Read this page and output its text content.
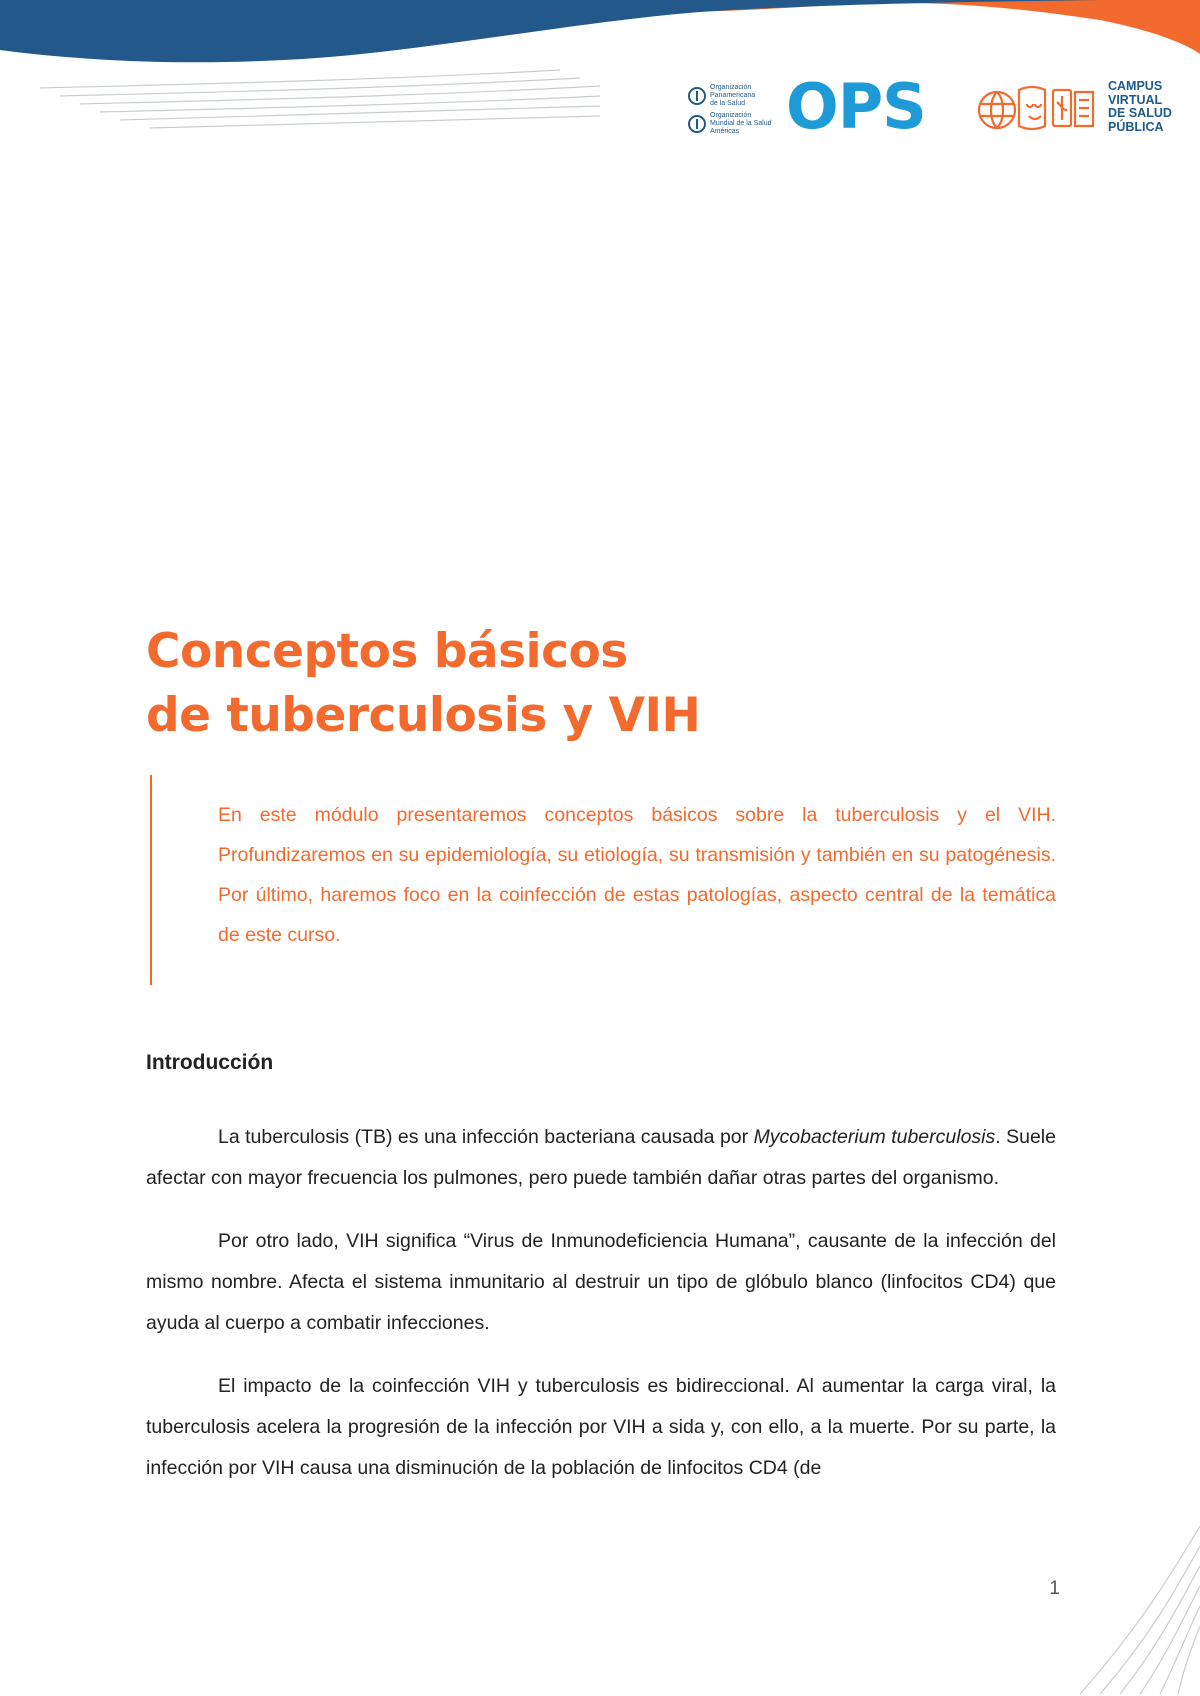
Organización
Panamericana
de la Salud
Organización
Mundial de la Salud
Américas OPS	CAMPUS
VIRTUAL
DE SALUD
PÚBLICA
Conceptos básicos
de tuberculosis y VIH

En este módulo presentaremos conceptos básicos sobre la tuberculosis y el VIH. Profundizaremos en su epidemiología, su etiología, su transmisión y también en su patogénesis. Por último, haremos foco en la coinfección de estas patologías, aspecto central de la temática de este curso.

Introducción

La tuberculosis (TB) es una infección bacteriana causada por Mycobacterium tuberculosis. Suele afectar con mayor frecuencia los pulmones, pero puede también dañar otras partes del organismo.

Por otro lado, VIH significa “Virus de Inmunodeficiencia Humana”, causante de la infección del mismo nombre. Afecta el sistema inmunitario al destruir un tipo de glóbulo blanco (linfocitos CD4) que ayuda al cuerpo a combatir infecciones.

El impacto de la coinfección VIH y tuberculosis es bidireccional. Al aumentar la carga viral, la tuberculosis acelera la progresión de la infección por VIH a sida y, con ello, a la muerte. Por su parte, la infección por VIH causa una disminución de la población de linfocitos CD4 (de

1
